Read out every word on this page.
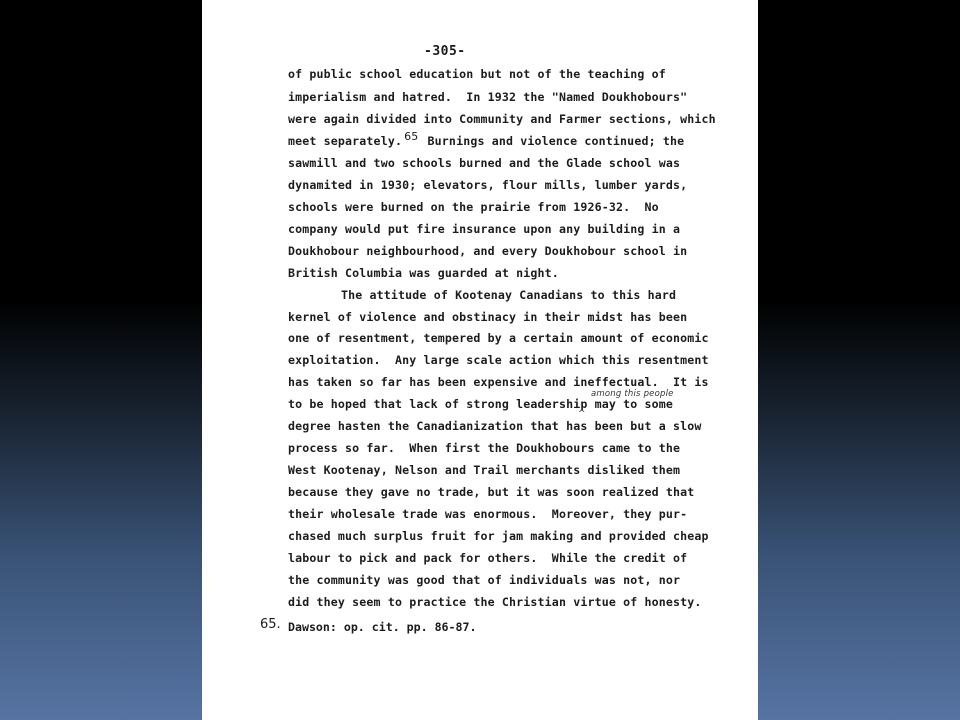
-305-
of public school education but not of the teaching of
imperialism and hatred.  In 1932 the "Named Doukhobours"
were again divided into Community and Farmer sections, which
meet separately. 65 Burnings and violence continued; the
sawmill and two schools burned and the Glade school was
dynamited in 1930; elevators, flour mills, lumber yards,
schools were burned on the prairie from 1926-32.  No
company would put fire insurance upon any building in a
Doukhobour neighbourhood, and every Doukhobour school in
British Columbia was guarded at night.
The attitude of Kootenay Canadians to this hard
kernel of violence and obstinacy in their midst has been
one of resentment, tempered by a certain amount of economic
exploitation.  Any large scale action which this resentment
has taken so far has been expensive and ineffectual.  It is
among this people
to be hoped that lack of strong leadership may to some
^
degree hasten the Canadianization that has been but a slow
process so far.  When first the Doukhobours came to the
West Kootenay, Nelson and Trail merchants disliked them
because they gave no trade, but it was soon realized that
their wholesale trade was enormous.  Moreover, they pur-
chased much surplus fruit for jam making and provided cheap
labour to pick and pack for others.  While the credit of
the community was good that of individuals was not, nor
did they seem to practice the Christian virtue of honesty.
65. Dawson: op. cit. pp. 86-87.
